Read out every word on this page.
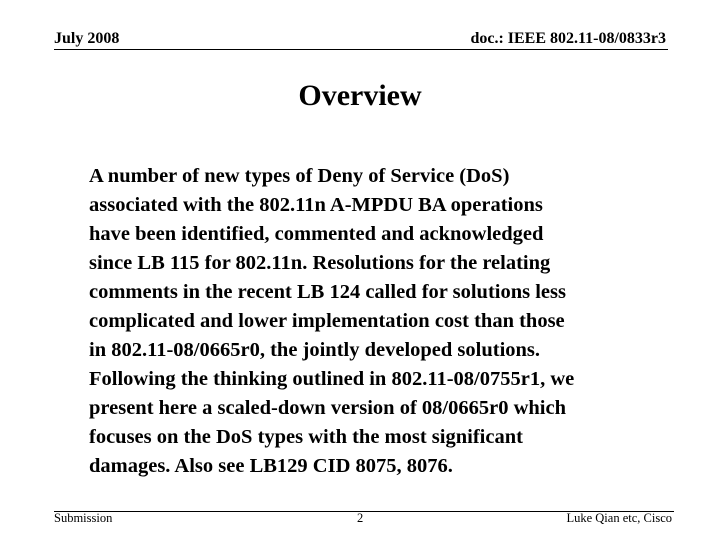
July 2008	doc.: IEEE 802.11-08/0833r3
Overview
A number of new types of Deny of Service (DoS)
associated with the 802.11n A-MPDU BA operations
have been identified, commented and acknowledged
since LB 115 for 802.11n. Resolutions for the relating
comments in the recent LB 124 called for solutions less
complicated and lower implementation cost than those
in 802.11-08/0665r0, the jointly developed solutions.
Following the thinking outlined in 802.11-08/0755r1, we
present here a scaled-down version of 08/0665r0 which
focuses on the DoS types with the most significant
damages. Also see LB129 CID 8075, 8076.
Submission	2	Luke Qian etc, Cisco
